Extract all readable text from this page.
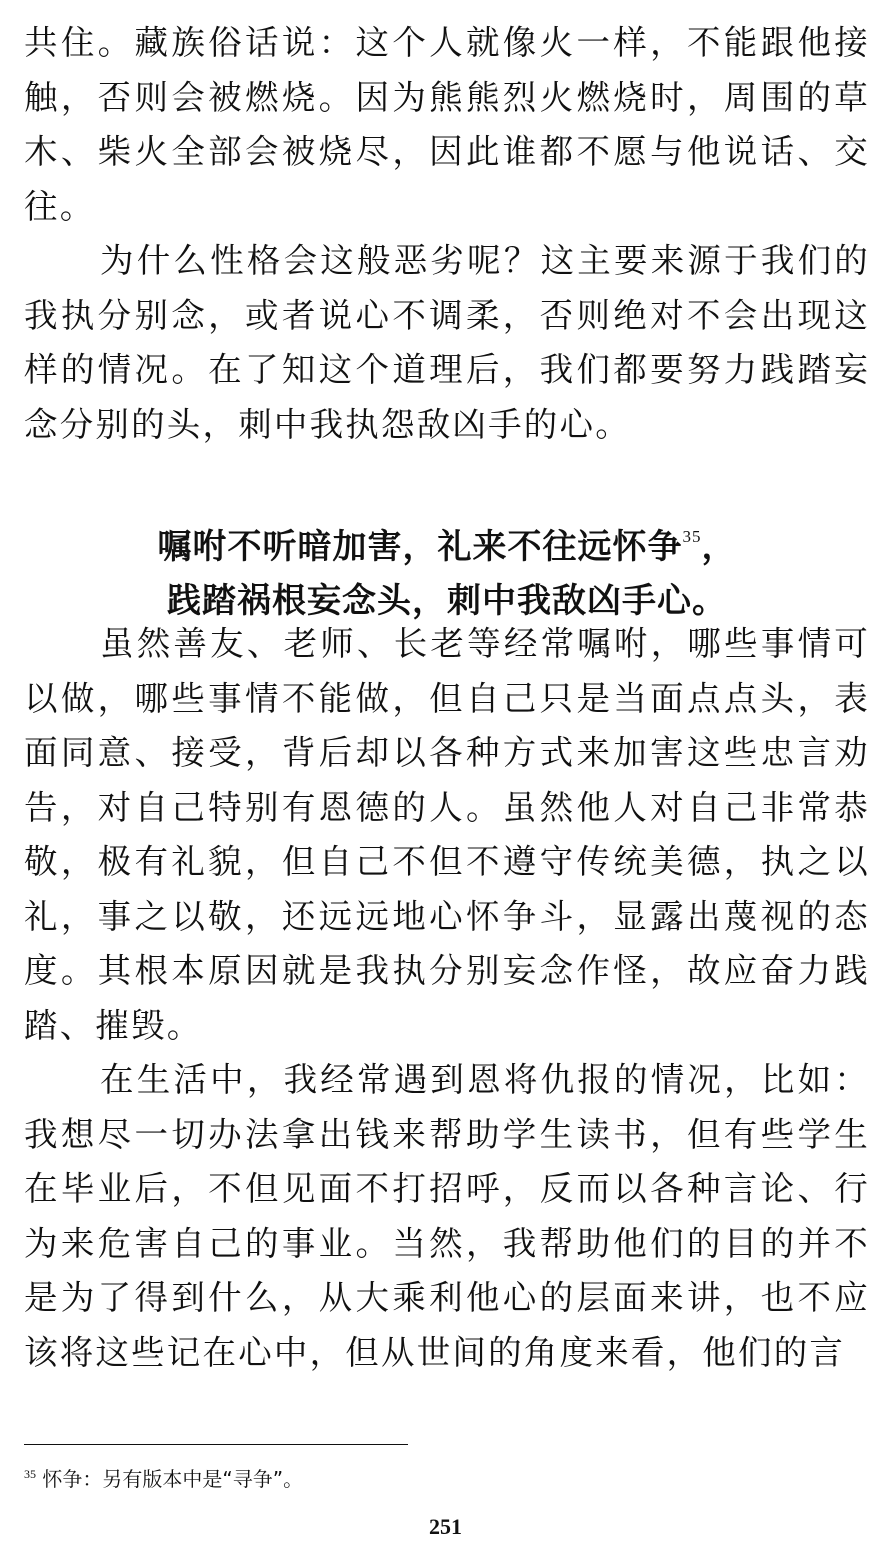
共住。藏族俗话说：这个人就像火一样，不能跟他接触，否则会被燃烧。因为熊熊烈火燃烧时，周围的草木、柴火全部会被烧尽，因此谁都不愿与他说话、交往。

为什么性格会这般恶劣呢？这主要来源于我们的我执分别念，或者说心不调柔，否则绝对不会出现这样的情况。在了知这个道理后，我们都要努力践踏妄念分别的头，刺中我执怨敌凶手的心。

嘱咐不听暗加害，礼来不往远怀争$^{35}$，
践踏祸根妄念头，刺中我敌凶手心。

虽然善友、老师、长老等经常嘱咐，哪些事情可以做，哪些事情不能做，但自己只是当面点点头，表面同意、接受，背后却以各种方式来加害这些忠言劝告，对自己特别有恩德的人。虽然他人对自己非常恭敬，极有礼貌，但自己不但不遵守传统美德，执之以礼，事之以敬，还远远地心怀争斗，显露出蔑视的态度。其根本原因就是我执分别妄念作怪，故应奋力践踏、摧毁。

在生活中，我经常遇到恩将仇报的情况，比如：我想尽一切办法拿出钱来帮助学生读书，但有些学生在毕业后，不但见面不打招呼，反而以各种言论、行为来危害自己的事业。当然，我帮助他们的目的并不是为了得到什么，从大乘利他心的层面来讲，也不应该将这些记在心中，但从世间的角度来看，他们的言

$^{35}$ 怀争：另有版本中是“寻争”。
251
